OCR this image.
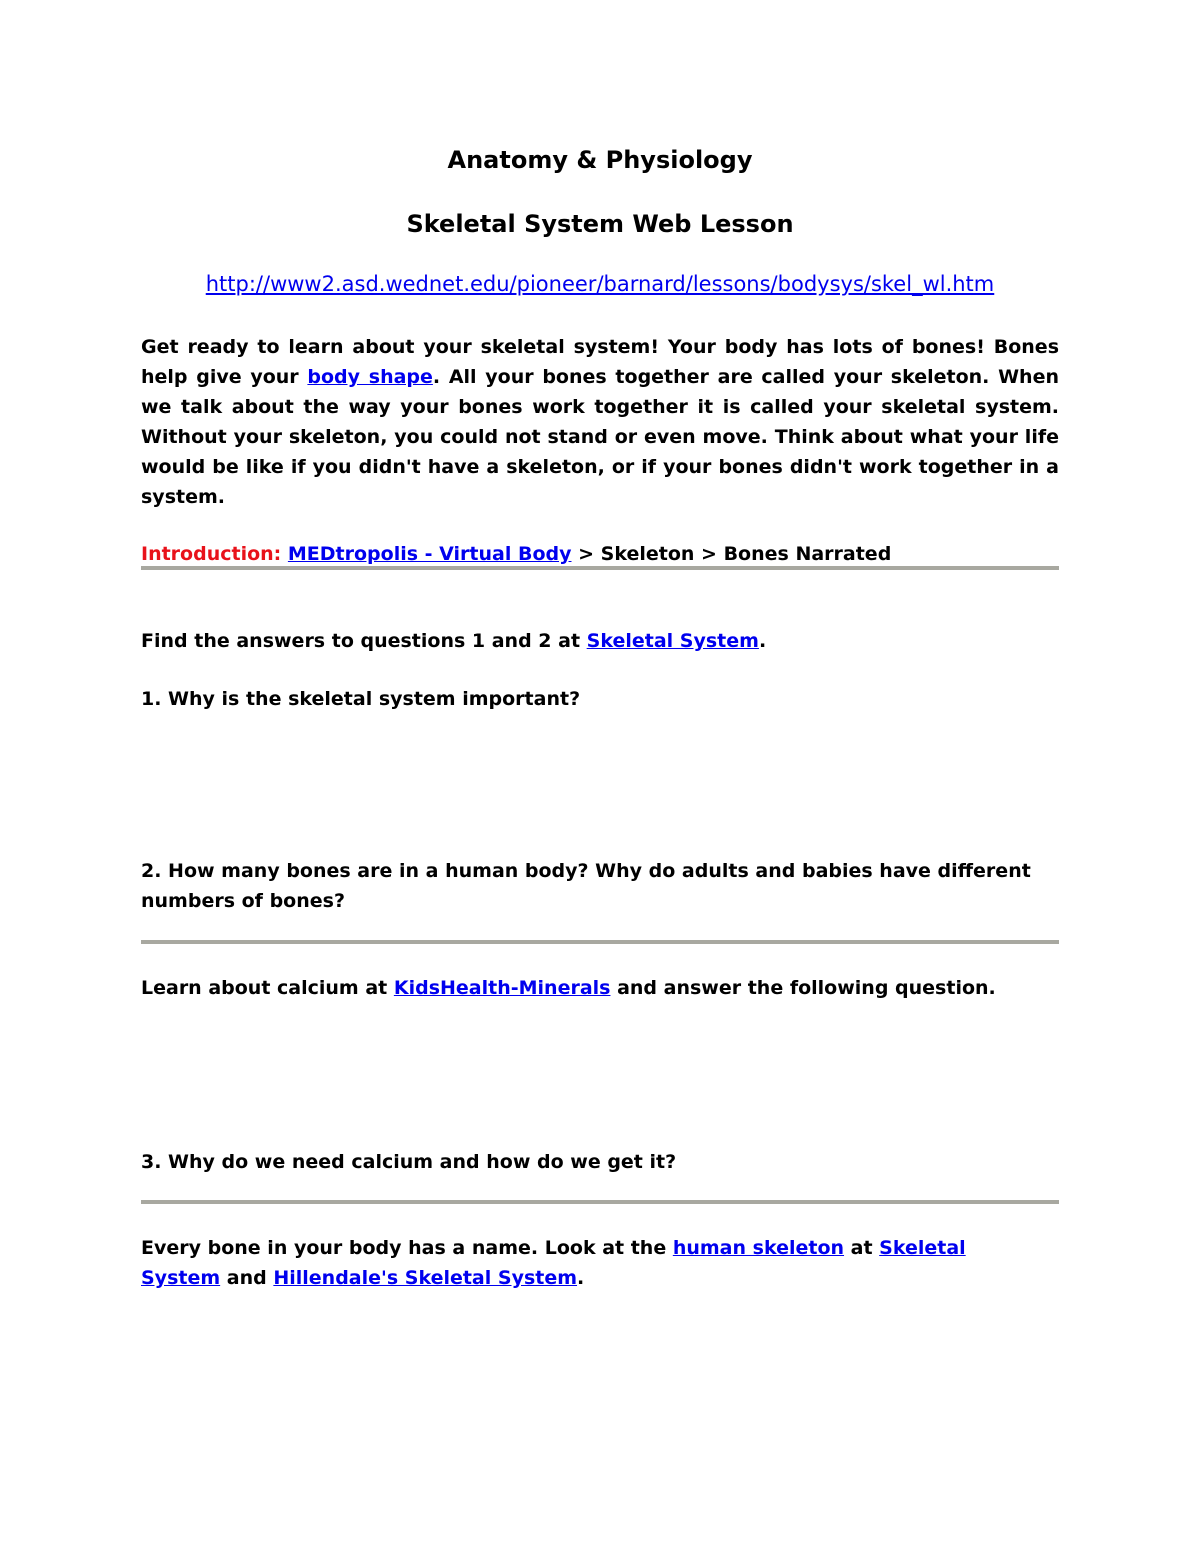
Anatomy & Physiology
Skeletal System Web Lesson
http://www2.asd.wednet.edu/pioneer/barnard/lessons/bodysys/skel_wl.htm

Get ready to learn about your skeletal system! Your body has lots of bones! Bones help give your body shape. All your bones together are called your skeleton. When we talk about the way your bones work together it is called your skeletal system. Without your skeleton, you could not stand or even move. Think about what your life would be like if you didn't have a skeleton, or if your bones didn't work together in a system.

Introduction: MEDtropolis - Virtual Body > Skeleton > Bones Narrated

Find the answers to questions 1 and 2 at Skeletal System.

1. Why is the skeletal system important?

2. How many bones are in a human body? Why do adults and babies have different numbers of bones?

Learn about calcium at KidsHealth-Minerals and answer the following question.

3. Why do we need calcium and how do we get it?

Every bone in your body has a name. Look at the human skeleton at Skeletal System and Hillendale's Skeletal System.
